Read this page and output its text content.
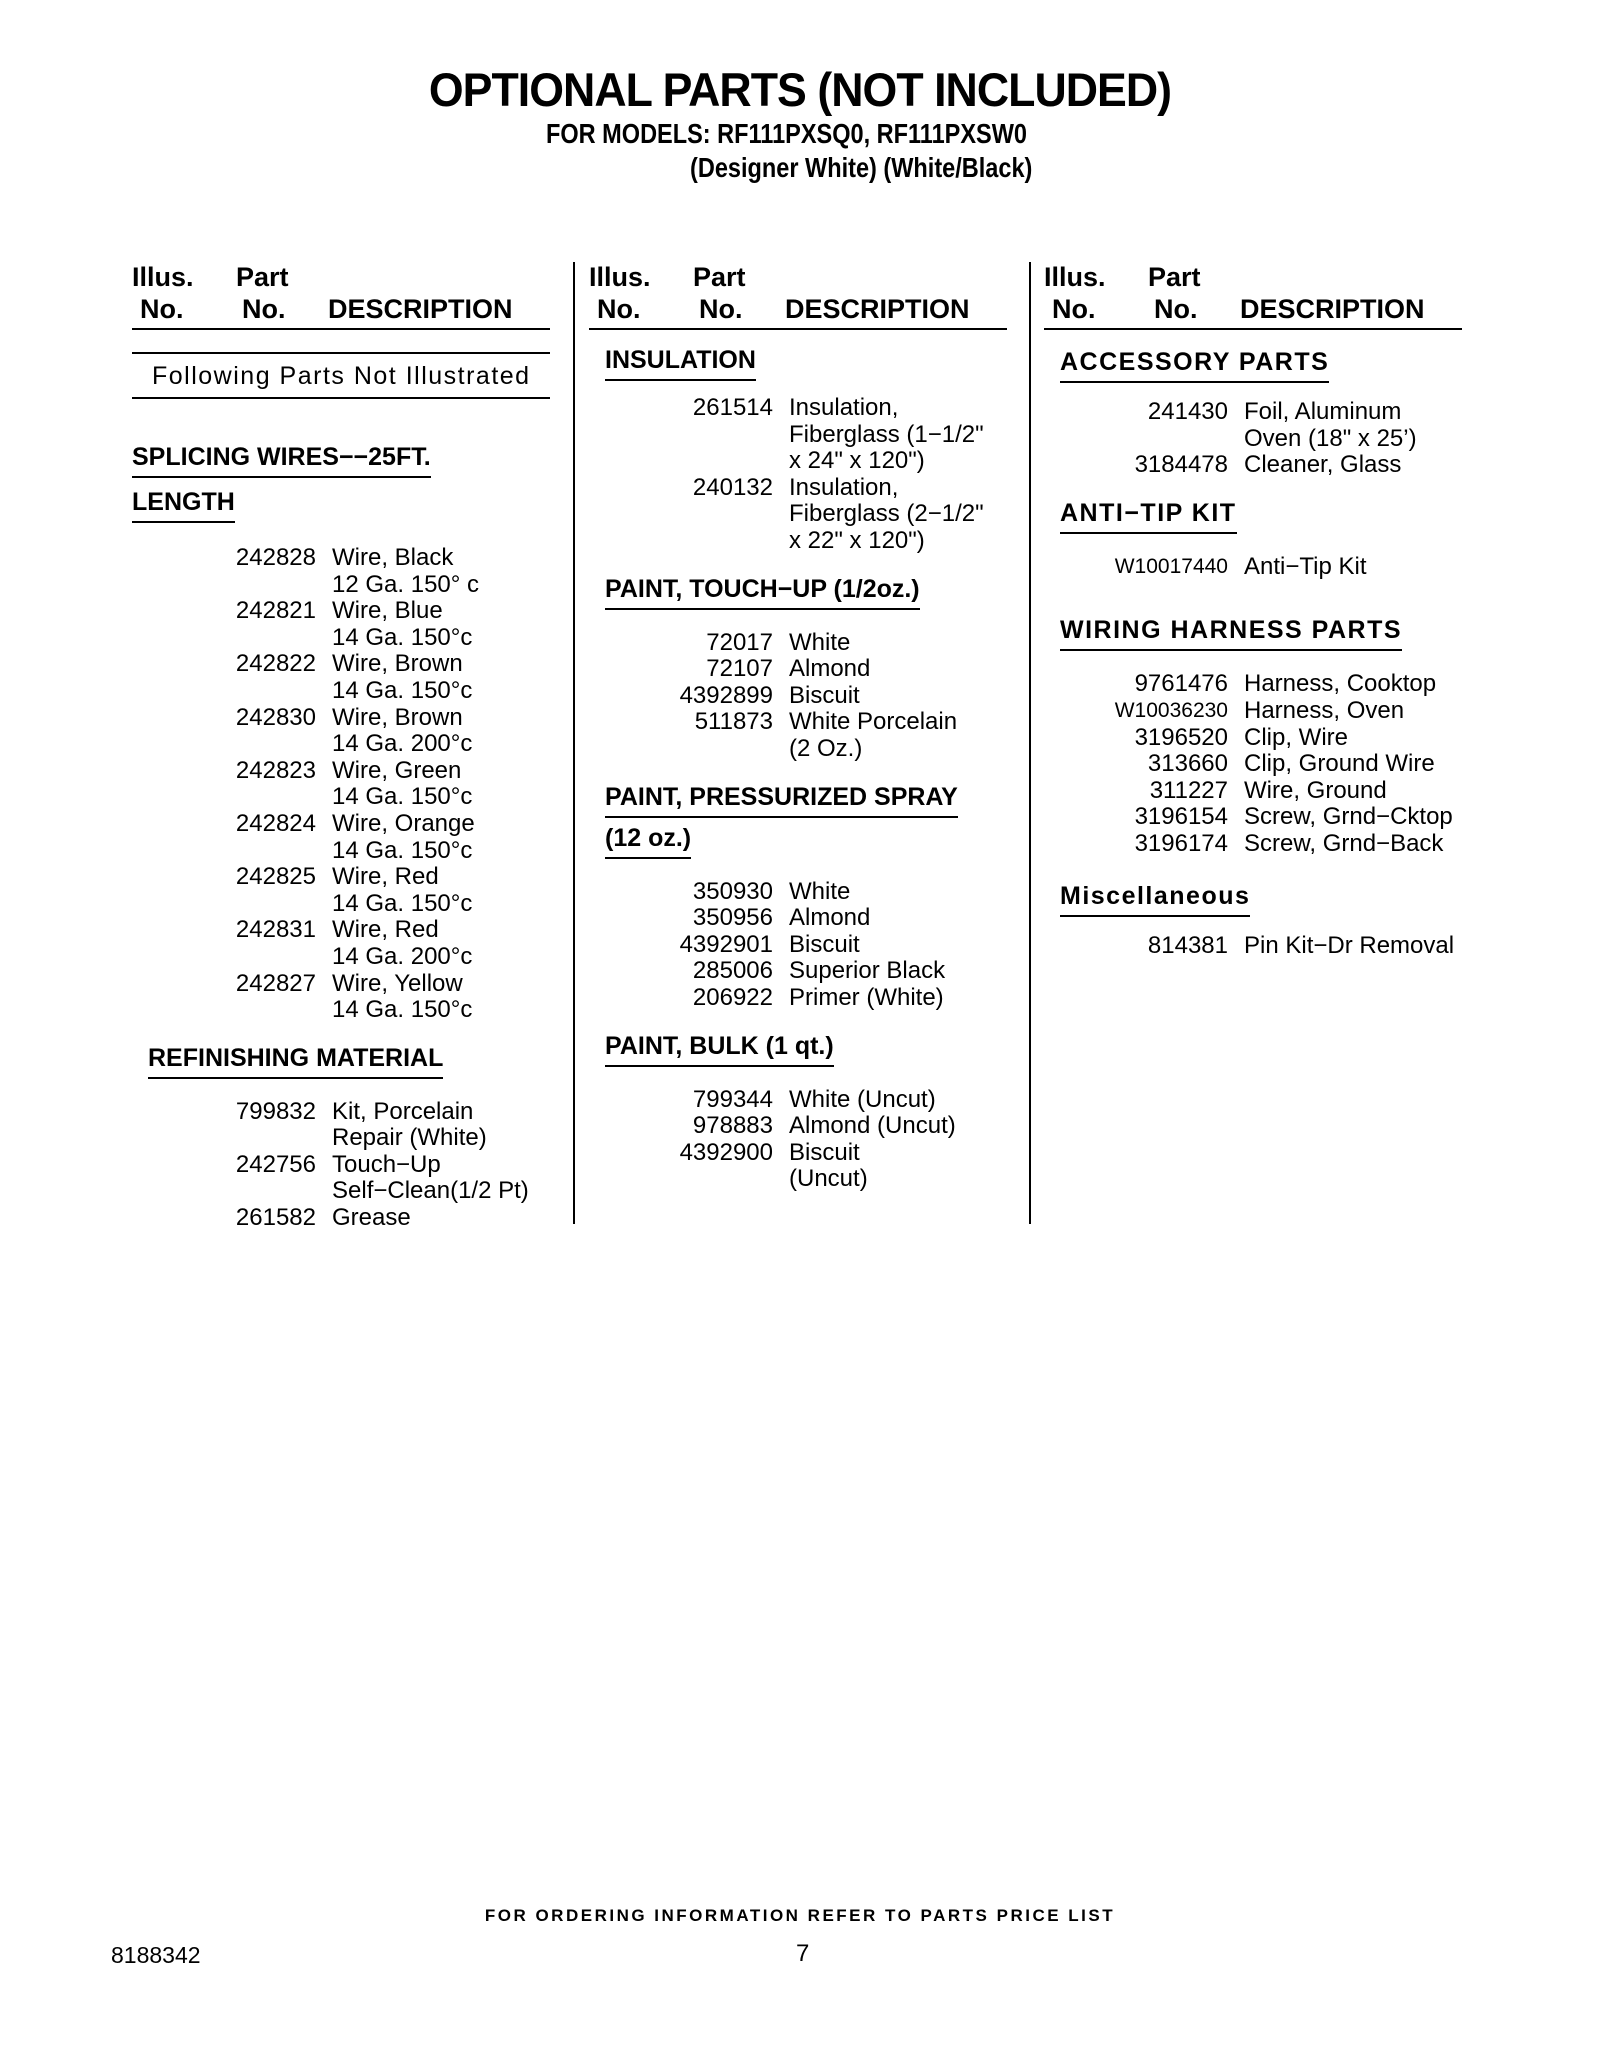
OPTIONAL PARTS (NOT INCLUDED)
FOR MODELS: RF111PXSQ0, RF111PXSW0
(Designer White) (White/Black)
Illus. Part
No. No. DESCRIPTION
Following Parts Not Illustrated
SPLICING WIRES−−25FT.
LENGTH
242828 Wire, Black
12 Ga. 150° c
242821 Wire, Blue
14 Ga. 150°c
242822 Wire, Brown
14 Ga. 150°c
242830 Wire, Brown
14 Ga. 200°c
242823 Wire, Green
14 Ga. 150°c
242824 Wire, Orange
14 Ga. 150°c
242825 Wire, Red
14 Ga. 150°c
242831 Wire, Red
14 Ga. 200°c
242827 Wire, Yellow
14 Ga. 150°c
REFINISHING MATERIAL
799832 Kit, Porcelain
Repair (White)
242756 Touch−Up
Self−Clean(1/2 Pt)
261582 Grease
Illus. Part
No. No. DESCRIPTION
INSULATION
261514 Insulation,
Fiberglass (1−1/2"
x 24" x 120")
240132 Insulation,
Fiberglass (2−1/2"
x 22" x 120")
PAINT, TOUCH−UP (1/2oz.)
72017 White
72107 Almond
4392899 Biscuit
511873 White Porcelain
(2 Oz.)
PAINT, PRESSURIZED SPRAY
(12 oz.)
350930 White
350956 Almond
4392901 Biscuit
285006 Superior Black
206922 Primer (White)
PAINT, BULK (1 qt.)
799344 White (Uncut)
978883 Almond (Uncut)
4392900 Biscuit
(Uncut)
Illus. Part
No. No. DESCRIPTION
ACCESSORY PARTS
241430 Foil, Aluminum
Oven (18" x 25’)
3184478 Cleaner, Glass
ANTI−TIP KIT
W10017440 Anti−Tip Kit
WIRING HARNESS PARTS
9761476 Harness, Cooktop
W10036230 Harness, Oven
3196520 Clip, Wire
313660 Clip, Ground Wire
311227 Wire, Ground
3196154 Screw, Grnd−Cktop
3196174 Screw, Grnd−Back
Miscellaneous
814381 Pin Kit−Dr Removal
FOR ORDERING INFORMATION REFER TO PARTS PRICE LIST
8188342	7
